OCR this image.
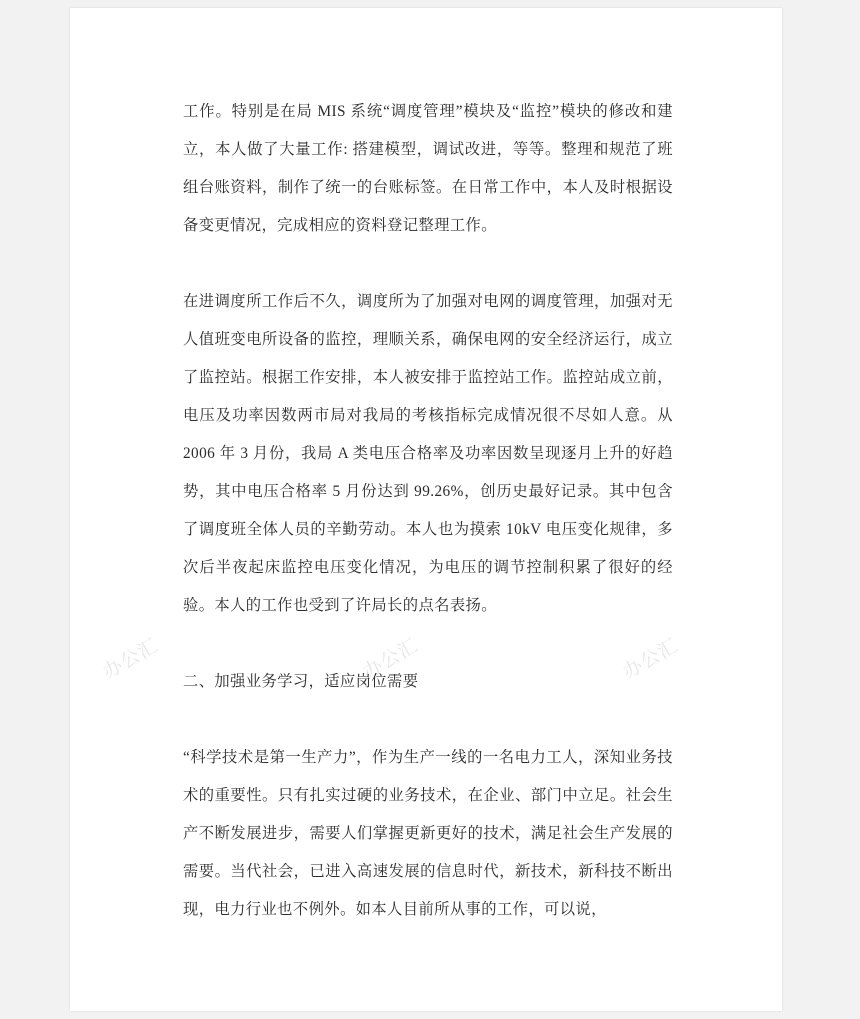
工作。特别是在局 MIS 系统“调度管理”模块及“监控”模块的修改和建立，本人做了大量工作: 搭建模型，调试改进，等等。整理和规范了班组台账资料，制作了统一的台账标签。在日常工作中，本人及时根据设备变更情况，完成相应的资料登记整理工作。

在进调度所工作后不久，调度所为了加强对电网的调度管理，加强对无人值班变电所设备的监控，理顺关系，确保电网的安全经济运行，成立了监控站。根据工作安排，本人被安排于监控站工作。监控站成立前，电压及功率因数两市局对我局的考核指标完成情况很不尽如人意。从 2006 年 3 月份，我局 A 类电压合格率及功率因数呈现逐月上升的好趋势，其中电压合格率 5 月份达到 99.26%，创历史最好记录。其中包含了调度班全体人员的辛勤劳动。本人也为摸索 10kV 电压变化规律，多次后半夜起床监控电压变化情况，为电压的调节控制积累了很好的经验。本人的工作也受到了许局长的点名表扬。

二、加强业务学习，适应岗位需要

“科学技术是第一生产力”，作为生产一线的一名电力工人，深知业务技术的重要性。只有扎实过硬的业务技术，在企业、部门中立足。社会生产不断发展进步，需要人们掌握更新更好的技术，满足社会生产发展的需要。当代社会，已进入高速发展的信息时代，新技术，新科技不断出现，电力行业也不例外。如本人目前所从事的工作，可以说，

办公汇	办公汇	办公汇
